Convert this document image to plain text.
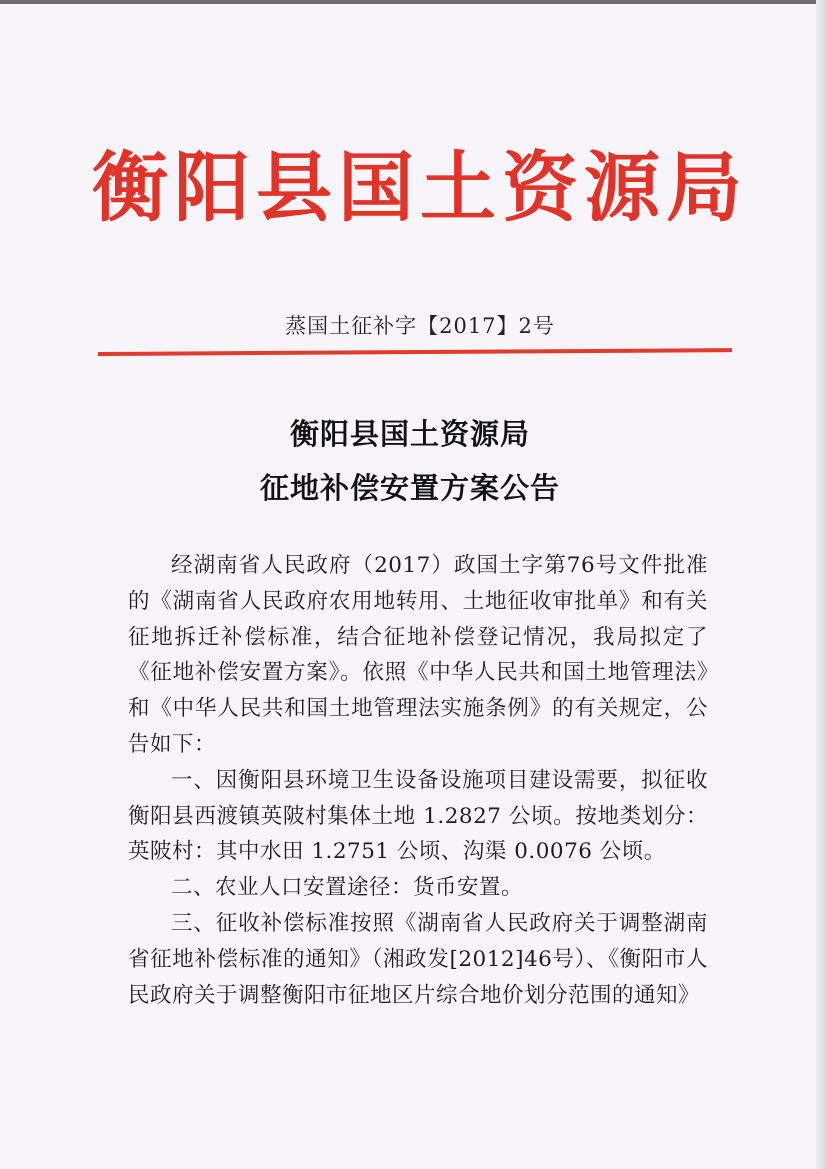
衡阳县国土资源局
蒸国土征补字【2017】2号
衡阳县国土资源局
征地补偿安置方案公告

经湖南省人民政府（2017）政国土字第76号文件批准的《湖南省人民政府农用地转用、土地征收审批单》和有关征地拆迁补偿标准，结合征地补偿登记情况，我局拟定了《征地补偿安置方案》。依照《中华人民共和国土地管理法》和《中华人民共和国土地管理法实施条例》的有关规定，公告如下：

一、因衡阳县环境卫生设备设施项目建设需要，拟征收衡阳县西渡镇英陂村集体土地 1.2827 公顷。按地类划分：英陂村：其中水田 1.2751 公顷、沟渠 0.0076 公顷。

二、农业人口安置途径：货币安置。

三、征收补偿标准按照《湖南省人民政府关于调整湖南省征地补偿标准的通知》（湘政发[2012]46号）、《衡阳市人民政府关于调整衡阳市征地区片综合地价划分范围的通知》
